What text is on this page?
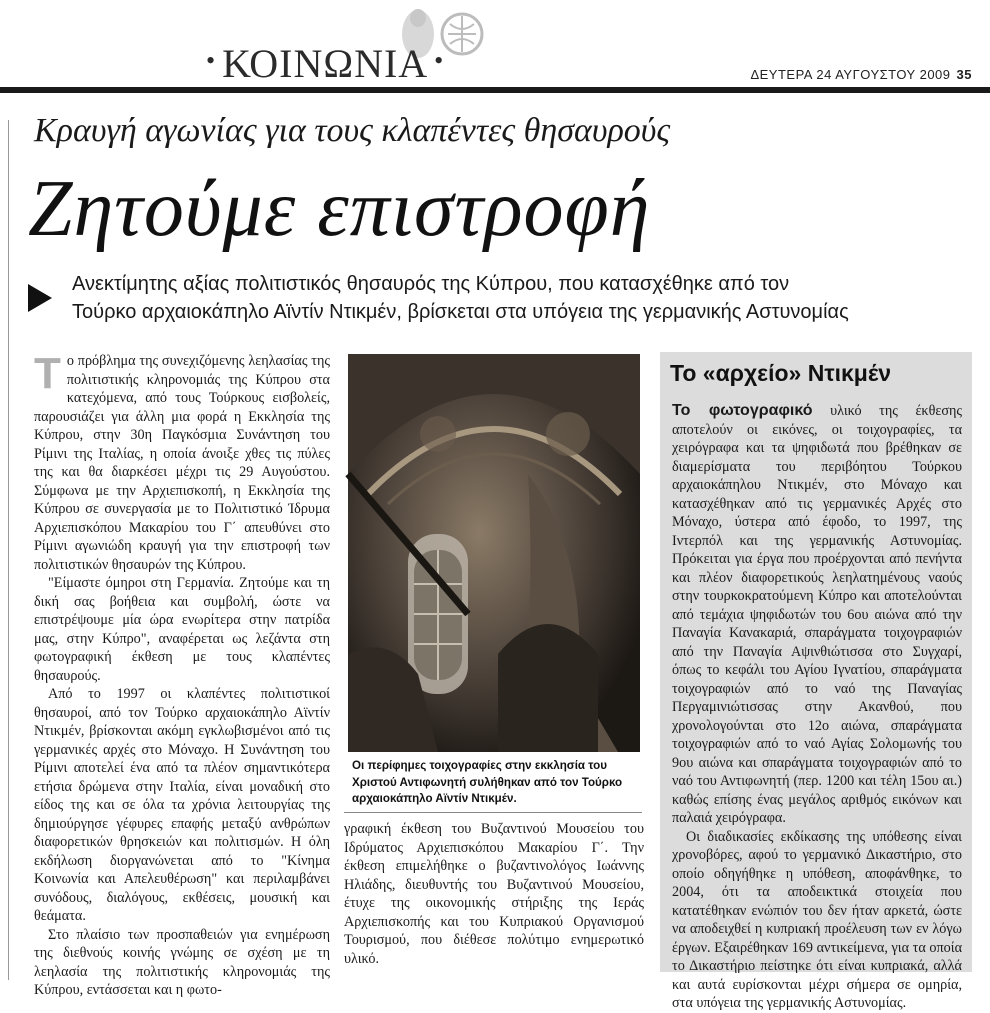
• ΚΟΙΝΩΝΙΑ •	ΔΕΥΤΕΡΑ 24 ΑΥΓΟΥΣΤΟΥ 2009 35
Κραυγή αγωνίας για τους κλαπέντες θησαυρούς
Ζητούμε επιστροφή
Ανεκτίμητης αξίας πολιτιστικός θησαυρός της Κύπρου, που κατασχέθηκε από τον
Τούρκο αρχαιοκάπηλο Αϊντίν Ντικμέν, βρίσκεται στα υπόγεια της γερμανικής Αστυνομίας
Τ ο πρόβλημα της συνεχιζόμενης λεηλασίας της πολιτιστικής κληρονομιάς της Κύπρου στα κατεχόμενα, από τους Τούρκους εισβολείς, παρουσιάζει για άλλη μια φορά η Εκκλησία της Κύπρου, στην 30η Παγκόσμια Συνάντηση του Ρίμινι της Ιταλίας, η οποία άνοιξε χθες τις πύλες της και θα διαρκέσει μέχρι τις 29 Αυγούστου. Σύμφωνα με την Αρχιεπισκοπή, η Εκκλησία της Κύπρου σε συνεργασία με το Πολιτιστικό Ίδρυμα Αρχιεπισκόπου Μακαρίου του Γ΄ απευθύνει στο Ρίμινι αγωνιώδη κραυγή για την επιστροφή των πολιτιστικών θησαυρών της Κύπρου.

"Είμαστε όμηροι στη Γερμανία. Ζητούμε και τη δική σας βοήθεια και συμβολή, ώστε να επιστρέψουμε μία ώρα ενωρίτερα στην πατρίδα μας, στην Κύπρο", αναφέρεται ως λεζάντα στη φωτογραφική έκθεση με τους κλαπέντες θησαυρούς.

Από το 1997 οι κλαπέντες πολιτιστικοί θησαυροί, από τον Τούρκο αρχαιοκάπηλο Αϊντίν Ντικμέν, βρίσκονται ακόμη εγκλωβισμένοι από τις γερμανικές αρχές στο Μόναχο. Η Συνάντηση του Ρίμινι αποτελεί ένα από τα πλέον σημαντικότερα ετήσια δρώμενα στην Ιταλία, είναι μοναδική στο είδος της και σε όλα τα χρόνια λειτουργίας της δημιούργησε γέφυρες επαφής μεταξύ ανθρώπων διαφορετικών θρησκειών και πολιτισμών. Η όλη εκδήλωση διοργανώνεται από το "Κίνημα Κοινωνία και Απελευθέρωση" και περιλαμβάνει συνόδους, διαλόγους, εκθέσεις, μουσική και θεάματα.

Στο πλαίσιο των προσπαθειών για ενημέρωση της διεθνούς κοινής γνώμης σε σχέση με τη λεηλασία της πολιτιστικής κληρονομιάς της Κύπρου, εντάσσεται και η φωτο-

Οι περίφημες τοιχογραφίες στην εκκλησία του Χριστού Αντιφωνητή συλήθηκαν από τον Τούρκο αρχαιοκάπηλο Αϊντίν Ντικμέν.

γραφική έκθεση του Βυζαντινού Μουσείου του Ιδρύματος Αρχιεπισκόπου Μακαρίου Γ΄. Την έκθεση επιμελήθηκε ο βυζαντινολόγος Ιωάννης Ηλιάδης, διευθυντής του Βυζαντινού Μουσείου, έτυχε της οικονομικής στήριξης της Ιεράς Αρχιεπισκοπής και του Κυπριακού Οργανισμού Τουρισμού, που διέθεσε πολύτιμο ενημερωτικό υλικό.

Το «αρχείο» Ντικμέν

Το φωτογραφικό υλικό της έκθεσης αποτελούν οι εικόνες, οι τοιχογραφίες, τα χειρόγραφα και τα ψηφιδωτά που βρέθηκαν σε διαμερίσματα του περιβόητου Τούρκου αρχαιοκάπηλου Ντικμέν, στο Μόναχο και κατασχέθηκαν από τις γερμανικές Αρχές στο Μόναχο, ύστερα από έφοδο, το 1997, της Ιντερπόλ και της γερμανικής Αστυνομίας. Πρόκειται για έργα που προέρχονται από πενήντα και πλέον διαφορετικούς λεηλατημένους ναούς στην τουρκοκρατούμενη Κύπρο και αποτελούνται από τεμάχια ψηφιδωτών του 6ου αιώνα από την Παναγία Κανακαριά, σπαράγματα τοιχογραφιών από την Παναγία Αψινθιώτισσα στο Συγχαρί, όπως το κεφάλι του Αγίου Ιγνατίου, σπαράγματα τοιχογραφιών από το ναό της Παναγίας Περγαμινιώτισσας στην Ακανθού, που χρονολογούνται στο 12ο αιώνα, σπαράγματα τοιχογραφιών από το ναό Αγίας Σολομωνής του 9ου αιώνα και σπαράγματα τοιχογραφιών από το ναό του Αντιφωνητή (περ. 1200 και τέλη 15ου αι.) καθώς επίσης ένας μεγάλος αριθμός εικόνων και παλαιά χειρόγραφα.

Οι διαδικασίες εκδίκασης της υπόθεσης είναι χρονοβόρες, αφού το γερμανικό Δικαστήριο, στο οποίο οδηγήθηκε η υπόθεση, αποφάνθηκε, το 2004, ότι τα αποδεικτικά στοιχεία που κατατέθηκαν ενώπιόν του δεν ήταν αρκετά, ώστε να αποδειχθεί η κυπριακή προέλευση των εν λόγω έργων. Εξαιρέθηκαν 169 αντικείμενα, για τα οποία το Δικαστήριο πείστηκε ότι είναι κυπριακά, αλλά και αυτά ευρίσκονται μέχρι σήμερα σε ομηρία, στα υπόγεια της γερμανικής Αστυνομίας.
